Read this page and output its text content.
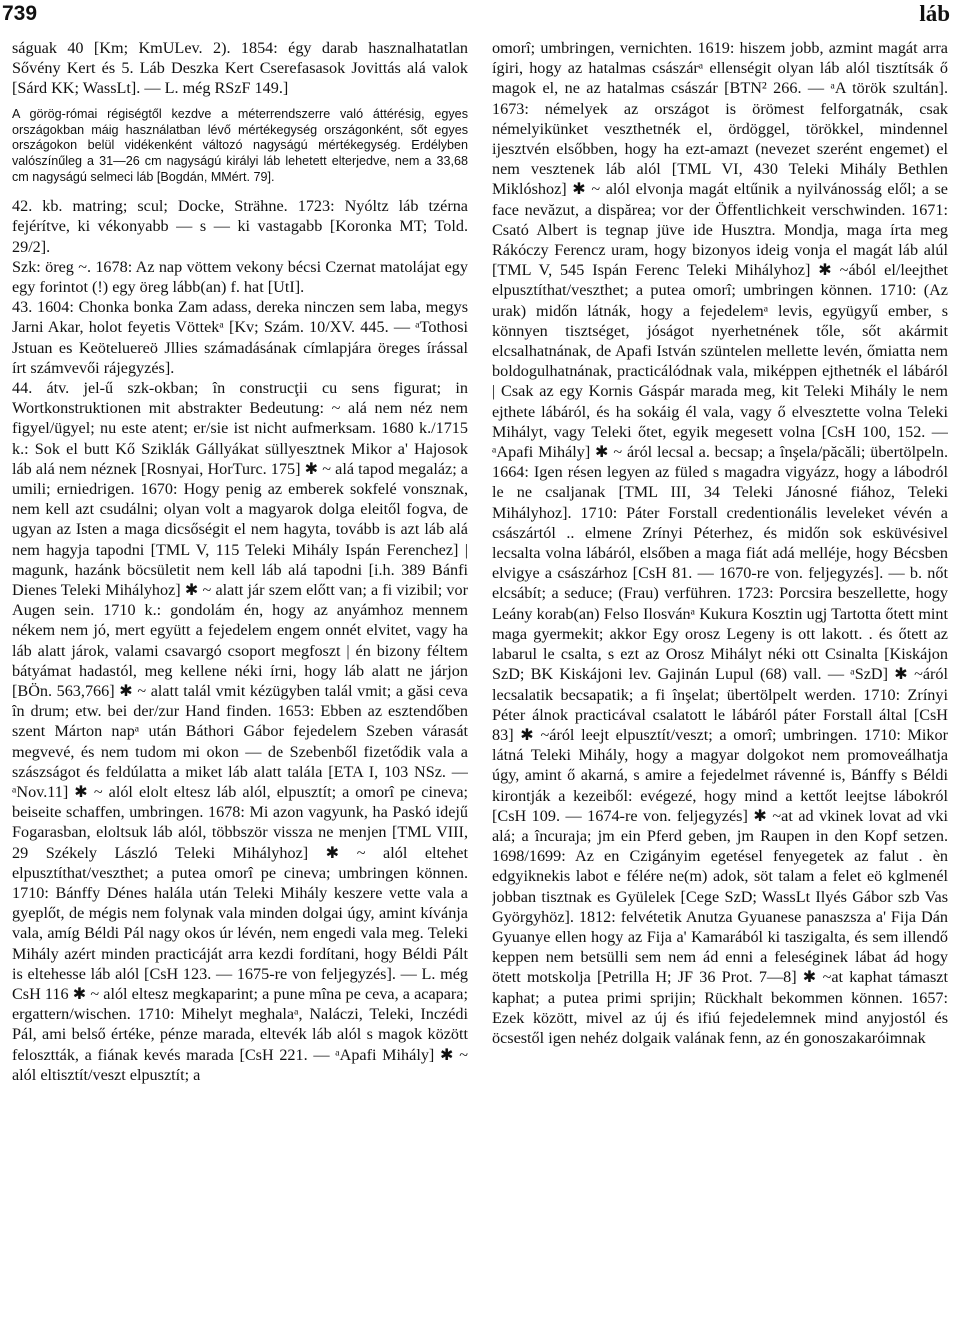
739	láb

ságuak 40 [Km; KmULev. 2). 1854: égy darab hasznalhatatlan Sővény Kert és 5. Láb Deszka Kert Cserefasasok Jovittás alá valok [Sárd KK; WassLt]. — L. még RSzF 149.]

A görög-római régiségtől kezdve a méterrendszerre való áttérésig, egyes országokban máig használatban lévő mértékegység országonként, sőt egyes országokon belül vidékenként változó nagyságú mértékegység. Erdélyben valószínűleg a 31—26 cm nagyságú királyi láb lehetett elterjedve, nem a 33,68 cm nagyságú selmeci láb [Bogdán, MMért. 79].

42. kb. matring; scul; Docke, Strähne. 1723: Nyóltz láb tzérna fejérítve, ki vékonyabb — s — ki vastagabb [Koronka MT; Told. 29/2].

Szk: öreg ~. 1678: Az nap vöttem vekony bécsi Czernat matolájat egy egy forintot (!) egy öreg lább(an) f. hat [UtI].

43. 1604: Chonka bonka Zam adass, dereka ninczen sem laba, megys Jarni Akar, holot feyetis Vöttekᵃ [Kv; Szám. 10/XV. 445. — ᵃTothosi Jstuan es Keöteluereö Jllies számadásának címlapjára öreges írással írt számvevői rájegyzés].

44. átv. jel-ű szk-okban; în construcţii cu sens figurat; in Wortkonstruktionen mit abstrakter Bedeutung: ~ alá nem néz nem figyel/ügyel; nu este atent; er/sie ist nicht aufmerksam. 1680 k./1715 k.: Sok el butt Kő Sziklák Gállyákat süllyesztnek Mikor a' Hajosok láb alá nem néznek [Rosnyai, HorTurc. 175] ✱ ~ alá tapod megaláz; a umili; erniedrigen. 1670: Hogy penig az emberek sokfelé vonsznak, nem kell azt csudálni; olyan volt a magyarok dolga eleitől fogva, de ugyan az Isten a maga dicsőségit el nem hagyta, tovább is azt láb alá nem hagyja tapodni [TML V, 115 Teleki Mihály Ispán Ferenchez] | magunk, hazánk böcsületit nem kell láb alá tapodni [i.h. 389 Bánfi Dienes Teleki Mihályhoz] ✱ ~ alatt jár szem előtt van; a fi vizibil; vor Augen sein. 1710 k.: gondolám én, hogy az anyámhoz mennem nékem nem jó, mert együtt a fejedelem engem onnét elvitet, vagy ha láb alatt járok, valami csavargó csoport megfoszt | én bizony féltem bátyámat hadastól, meg kellene néki írni, hogy láb alatt ne járjon [BÖn. 563,766] ✱ ~ alatt talál vmit kézügyben talál vmit; a găsi ceva în drum; etw. bei der/zur Hand finden. 1653: Ebben az esztendőben szent Márton napᵃ után Báthori Gábor fejedelem Szeben várasát megvevé, és nem tudom mi okon — de Szebenből fizetődik vala a szászságot és feldúlatta a miket láb alatt talála [ETA I, 103 NSz. — ᵃNov.11] ✱ ~ alól elolt eltesz láb alól, elpusztít; a omorî pe cineva; beiseite schaffen, umbringen. 1678: Mi azon vagyunk, ha Paskó idejű Fogarasban, eloltsuk láb alól, többször vissza ne menjen [TML VIII, 29 Székely László Teleki Mihályhoz] ✱ ~ alól eltehet elpusztíthat/veszthet; a putea omorî pe cineva; umbringen können. 1710: Bánffy Dénes halála után Teleki Mihály keszere vette vala a gyeplőt, de mégis nem folynak vala minden dolgai úgy, amint kívánja vala, amíg Béldi Pál nagy okos úr lévén, nem engedi vala meg. Teleki Mihály azért minden practicáját arra kezdi fordítani, hogy Béldi Pált is eltehesse láb alól [CsH 123. — 1675-re von feljegyzés]. — L. még CsH 116 ✱ ~ alól eltesz megkaparint; a pune mîna pe ceva, a acapara; ergattern/wischen. 1710: Mihelyt meghalaᵃ, Naláczi, Teleki, Inczédi Pál, ami belső értéke, pénze marada, eltevék láb alól s magok között felosztták, a fiának kevés marada [CsH 221. — ᵃApafi Mihály] ✱ ~ alól eltisztít/veszt elpusztít; a

omorî; umbringen, vernichten. 1619: hiszem jobb, azmint magát arra ígiri, hogy az hatalmas császárᵃ ellenségit olyan láb alól tisztítsák ő magok el, ne az hatalmas császár [BTN² 266. — ᵃA török szultán]. 1673: némelyek az országot is örömest felforgatnák, csak némelyikünket veszthetnék el, ördöggel, törökkel, mindennel ijesztvén elsőbben, hogy ha ezt-amazt (nevezet szerént engemet) el nem vesztenek láb alól [TML VI, 430 Teleki Mihály Bethlen Miklóshoz] ✱ ~ alól elvonja magát eltűnik a nyilvánosság elől; a se face nevăzut, a dispărea; vor der Öffentlichkeit verschwinden. 1671: Csató Albert is tegnap jüve ide Husztra. Mondja, maga írta meg Rákóczy Ferencz uram, hogy bizonyos ideig vonja el magát láb alúl [TML V, 545 Ispán Ferenc Teleki Mihályhoz] ✱ ~ából el/leejthet elpusztíthat/veszthet; a putea omorî; umbringen können. 1710: (Az urak) midőn látnák, hogy a fejedelemᵃ levis, együgyű ember, s könnyen tisztséget, jóságot nyerhetnének tőle, sőt akármit elcsalhatnának, de Apafi István szüntelen mellette levén, őmiatta nem boldogulhatnának, practicálódnak vala, miképpen ejthetnék el lábáról | Csak az egy Kornis Gáspár marada meg, kit Teleki Mihály le nem ejthete lábáról, és ha sokáig él vala, vagy ő elvesztette volna Teleki Mihályt, vagy Teleki őtet, egyik megesett volna [CsH 100, 152. — ᵃApafi Mihály] ✱ ~ áról lecsal a. becsap; a înşela/păcăli; übertölpeln. 1664: Igen résen legyen az füled s magadra vigyázz, hogy a lábodról le ne csaljanak [TML III, 34 Teleki Jánosné fiához, Teleki Mihályhoz]. 1710: Páter Forstall credentionális leveleket vévén a császártól .. elmene Zrínyi Péterhez, és midőn sok esküvésivel lecsalta volna lábáról, elsőben a maga fiát adá melléje, hogy Bécsben elvigye a császárhoz [CsH 81. — 1670-re von. feljegyzés]. — b. nőt elcsábít; a seduce; (Frau) verführen. 1723: Porcsira beszellette, hogy Leány korab(an) Felso Ilosvánᵃ Kukura Kosztin ugj Tartotta őtett mint maga gyermekit; akkor Egy orosz Legeny is ott lakott. . és őtett az labarul le csalta, s ezt az Orosz Mihályt néki ott Csinalta [Kiskájon SzD; BK Kiskájoni lev. Gajinán Lupul (68) vall. — ᵃSzD] ✱ ~áról lecsalatik becsapatik; a fi înşelat; übertölpelt werden. 1710: Zrínyi Péter álnok practicával csalatott le lábáról páter Forstall által [CsH 83] ✱ ~áról leejt elpusztít/veszt; a omorî; umbringen. 1710: Mikor látná Teleki Mihály, hogy a magyar dolgokot nem promoveálhatja úgy, amint ő akarná, s amire a fejedelmet rávenné is, Bánffy s Béldi kirontják a kezeiből: evégezé, hogy mind a kettőt leejtse lábokról [CsH 109. — 1674-re von. feljegyzés] ✱ ~at ad vkinek lovat ad vki alá; a încuraja; jm ein Pferd geben, jm Raupen in den Kopf setzen. 1698/1699: Az en Czigányim egetésel fenyegetek az falut . èn edgyiknekis labot e félére ne(m) adok, söt talam a felet eö kglmenél jobban tisztnak es Gyülelek [Cege SzD; WassLt Ilyés Gábor szb Vas Györgyhöz]. 1812: felvétetik Anutza Gyuanese panaszsza a' Fija Dán Gyuanye ellen hogy az Fija a' Kamarából ki taszigalta, és sem illendő keppen nem betsülli sem nem ád enni a feleséginek lábat ád hogy ötett motskolja [Petrilla H; JF 36 Prot. 7—8] ✱ ~at kaphat támaszt kaphat; a putea primi sprijin; Rückhalt bekommen können. 1657: Ezek között, mivel az új és ifiú fejedelemnek mind anyjostól és öcsestől igen nehéz dolgaik valának fenn, az én gonoszakaróimnak
